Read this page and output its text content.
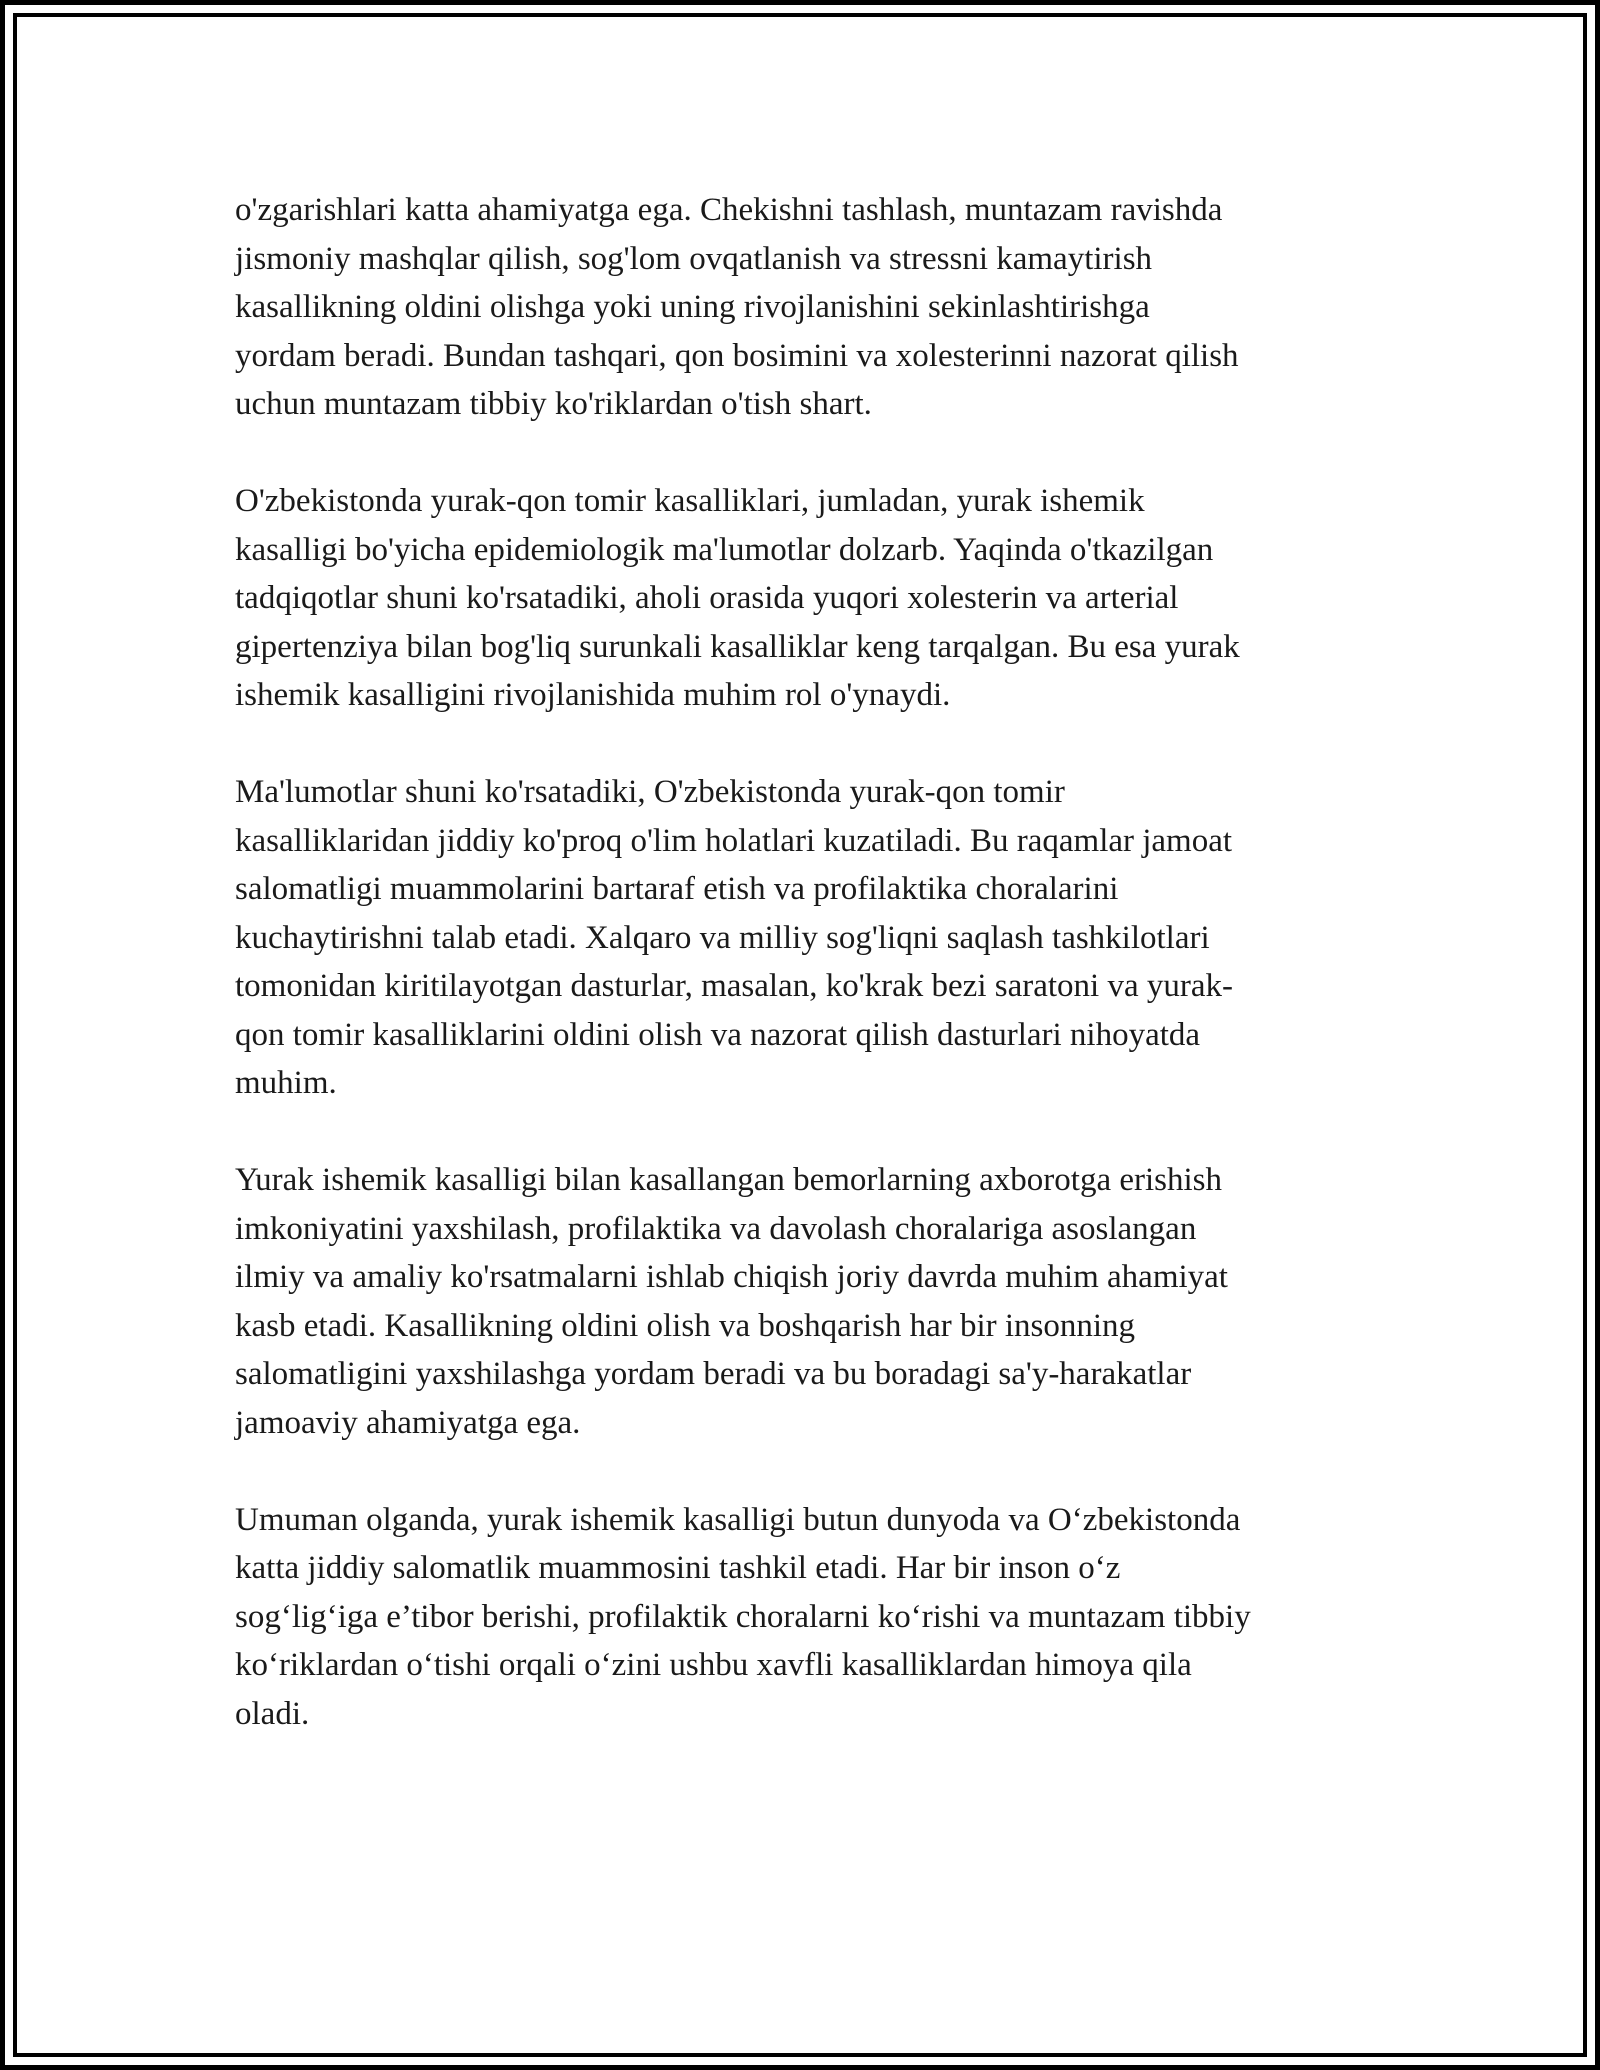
o'zgarishlari katta ahamiyatga ega. Chekishni tashlash, muntazam ravishda
jismoniy mashqlar qilish, sog'lom ovqatlanish va stressni kamaytirish
kasallikning oldini olishga yoki uning rivojlanishini sekinlashtirishga
yordam beradi. Bundan tashqari, qon bosimini va xolesterinni nazorat qilish
uchun muntazam tibbiy ko'riklardan o'tish shart.

O'zbekistonda yurak-qon tomir kasalliklari, jumladan, yurak ishemik
kasalligi bo'yicha epidemiologik ma'lumotlar dolzarb. Yaqinda o'tkazilgan
tadqiqotlar shuni ko'rsatadiki, aholi orasida yuqori xolesterin va arterial
gipertenziya bilan bog'liq surunkali kasalliklar keng tarqalgan. Bu esa yurak
ishemik kasalligini rivojlanishida muhim rol o'ynaydi.

Ma'lumotlar shuni ko'rsatadiki, O'zbekistonda yurak-qon tomir
kasalliklaridan jiddiy ko'proq o'lim holatlari kuzatiladi. Bu raqamlar jamoat
salomatligi muammolarini bartaraf etish va profilaktika choralarini
kuchaytirishni talab etadi. Xalqaro va milliy sog'liqni saqlash tashkilotlari
tomonidan kiritilayotgan dasturlar, masalan, ko'krak bezi saratoni va yurak-
qon tomir kasalliklarini oldini olish va nazorat qilish dasturlari nihoyatda
muhim.

Yurak ishemik kasalligi bilan kasallangan bemorlarning axborotga erishish
imkoniyatini yaxshilash, profilaktika va davolash choralariga asoslangan
ilmiy va amaliy ko'rsatmalarni ishlab chiqish joriy davrda muhim ahamiyat
kasb etadi. Kasallikning oldini olish va boshqarish har bir insonning
salomatligini yaxshilashga yordam beradi va bu boradagi sa'y-harakatlar
jamoaviy ahamiyatga ega.

Umuman olganda, yurak ishemik kasalligi butun dunyoda va O‘zbekistonda
katta jiddiy salomatlik muammosini tashkil etadi. Har bir inson o‘z
sog‘lig‘iga e’tibor berishi, profilaktik choralarni ko‘rishi va muntazam tibbiy
ko‘riklardan o‘tishi orqali o‘zini ushbu xavfli kasalliklardan himoya qila
oladi.
